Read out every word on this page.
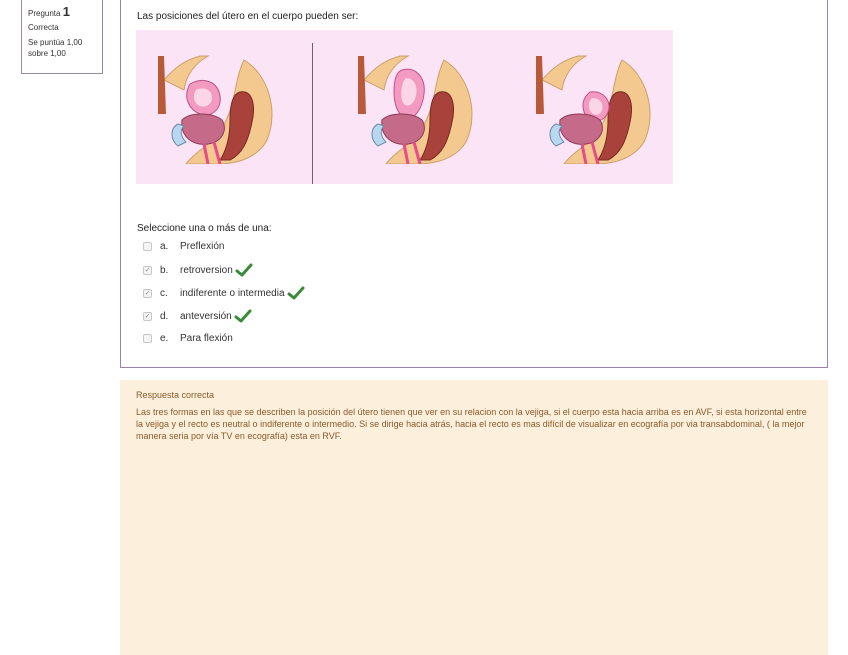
Pregunta 1
Correcta
Se puntúa 1,00 sobre 1,00
Las posiciones del útero en el cuerpo pueden ser:
Seleccione una o más de una:
a.	Preflexión
✓ b.	retroversion
✓ c.	indiferente o intermedia
✓ d.	anteversión
e.	Para flexión
Respuesta correcta
Las tres formas en las que se describen la posición del útero tienen que ver en su relacion con la vejiga, si el cuerpo esta hacia arriba es en AVF, si esta horizontal entre la vejiga y el recto es neutral o indiferente o intermedio. Si se dirige hacia atrás, hacia el recto es mas difícil de visualizar en ecografía por via transabdominal, ( la mejor manera seria por vía TV en ecografía) esta en RVF.
